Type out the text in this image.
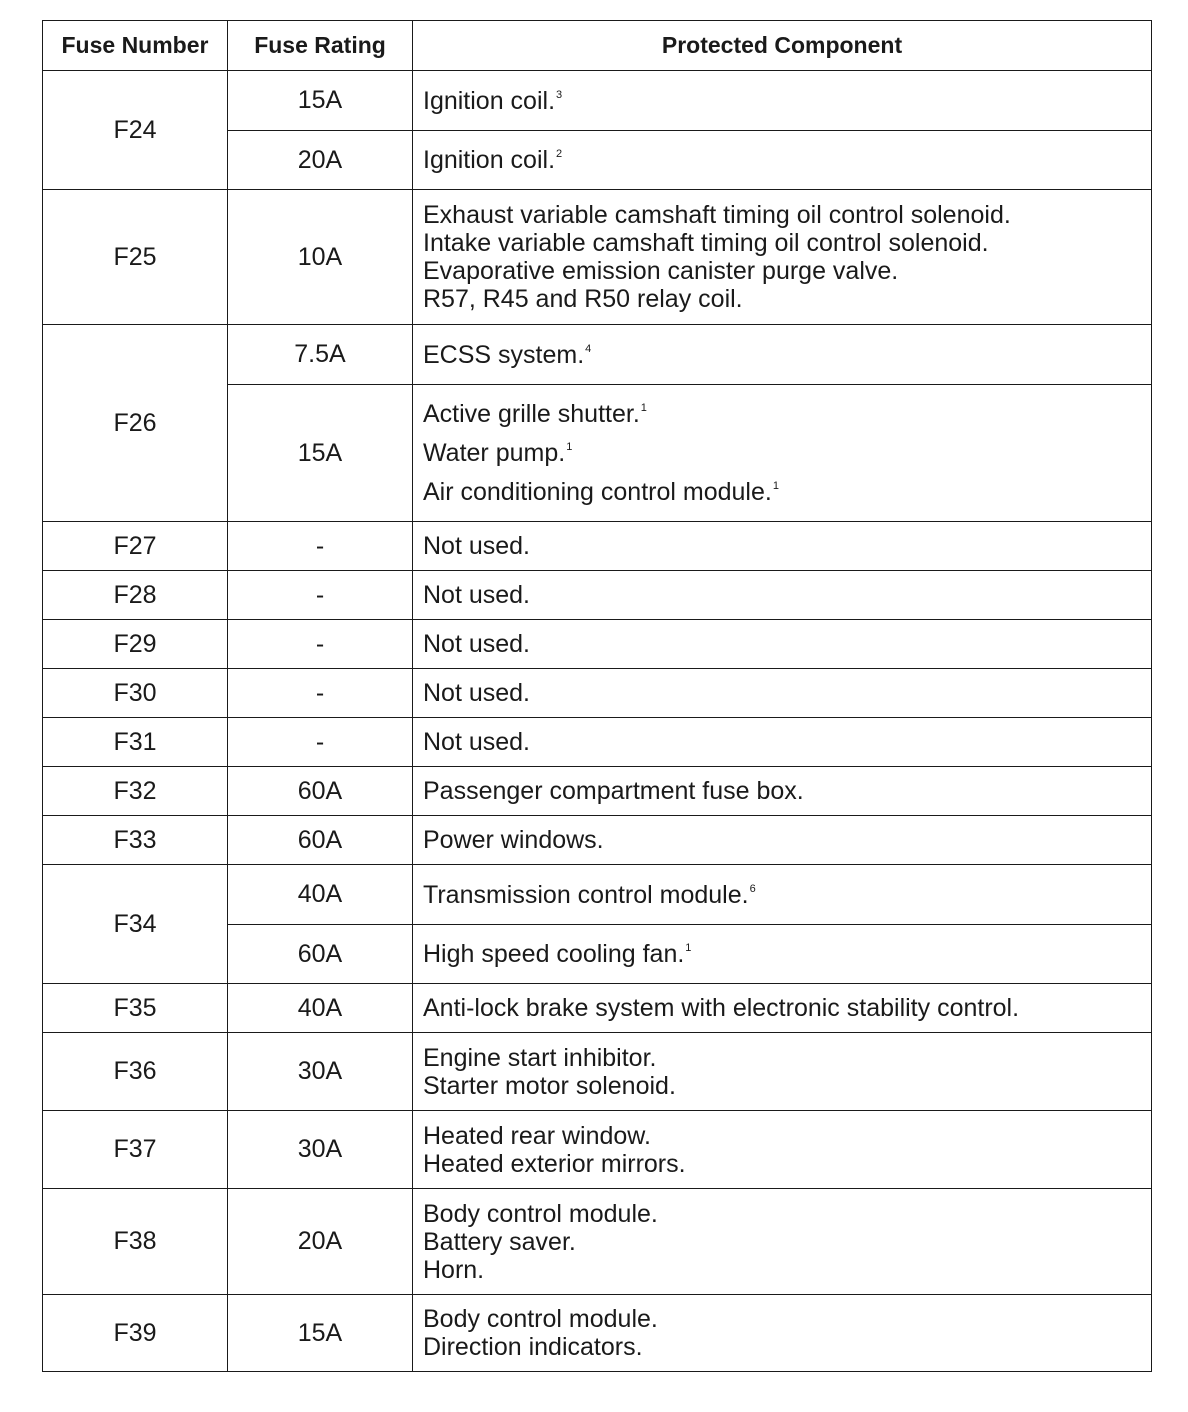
Fuse Number	Fuse Rating	Protected Component
F24	15A	Ignition coil.$^3$
	20A	Ignition coil.$^2$
F25	10A	Exhaust variable camshaft timing oil control solenoid.
Intake variable camshaft timing oil control solenoid.
Evaporative emission canister purge valve.
R57, R45 and R50 relay coil.

F26	7.5A	ECSS system.$^4$
	15A	Active grille shutter.$^1$
Water pump.$^1$
Air conditioning control module.$^1$

F27	-	Not used.
F28	-	Not used.
F29	-	Not used.
F30	-	Not used.
F31	-	Not used.
F32	60A	Passenger compartment fuse box.
F33	60A	Power windows.
F34	40A	Transmission control module.$^6$
	60A	High speed cooling fan.$^1$
F35	40A	Anti-lock brake system with electronic stability control.
F36	30A	Engine start inhibitor.
Starter motor solenoid.

F37	30A	Heated rear window.
Heated exterior mirrors.

F38	20A	Body control module.
Battery saver.
Horn.

F39	15A	Body control module.
Direction indicators.
